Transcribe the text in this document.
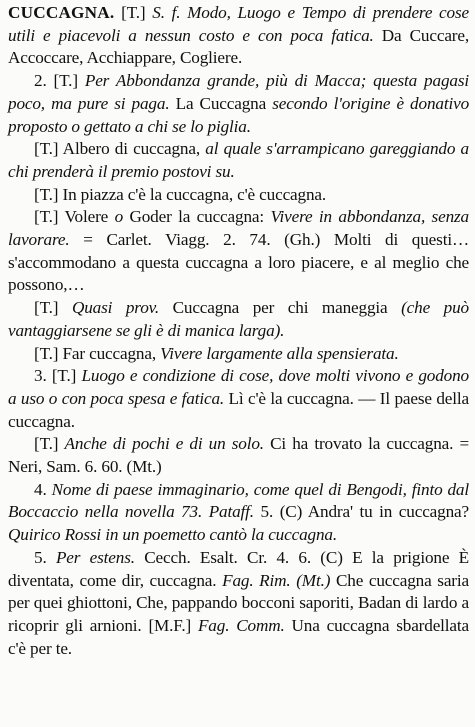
CUCCAGNA. [T.] S. f. Modo, Luogo e Tempo di prendere cose utili e piacevoli a nessun costo e con poca fatica. Da Cuccare, Accoccare, Acchiappare, Cogliere.

2. [T.] Per Abbondanza grande, più di Macca; questa pagasi poco, ma pure si paga. La Cuccagna secondo l'origine è donativo proposto o gettato a chi se lo piglia.

[T.] Albero di cuccagna, al quale s'arrampicano gareggiando a chi prenderà il premio postovi su.

[T.] In piazza c'è la cuccagna, c'è cuccagna.

[T.] Volere o Goder la cuccagna: Vivere in abbondanza, senza lavorare. = Carlet. Viagg. 2. 74. (Gh.) Molti di questi… s'accommodano a questa cuccagna a loro piacere, e al meglio che possono,…

[T.] Quasi prov. Cuccagna per chi maneggia (che può vantaggiarsene se gli è di manica larga).

[T.] Far cuccagna, Vivere largamente alla spensierata.

3. [T.] Luogo e condizione di cose, dove molti vivono e godono a uso o con poca spesa e fatica. Lì c'è la cuccagna. — Il paese della cuccagna.

[T.] Anche di pochi e di un solo. Ci ha trovato la cuccagna. = Neri, Sam. 6. 60. (Mt.)

4. Nome di paese immaginario, come quel di Bengodi, finto dal Boccaccio nella novella 73. Pataff. 5. (C) Andra' tu in cuccagna? Quirico Rossi in un poemetto cantò la cuccagna.

5. Per estens. Cecch. Esalt. Cr. 4. 6. (C) E la prigione È diventata, come dir, cuccagna. Fag. Rim. (Mt.) Che cuccagna saria per quei ghiottoni, Che, pappando bocconi saporiti, Badan di lardo a ricoprir gli arnioni. [M.F.] Fag. Comm. Una cuccagna sbardellata c'è per te.
